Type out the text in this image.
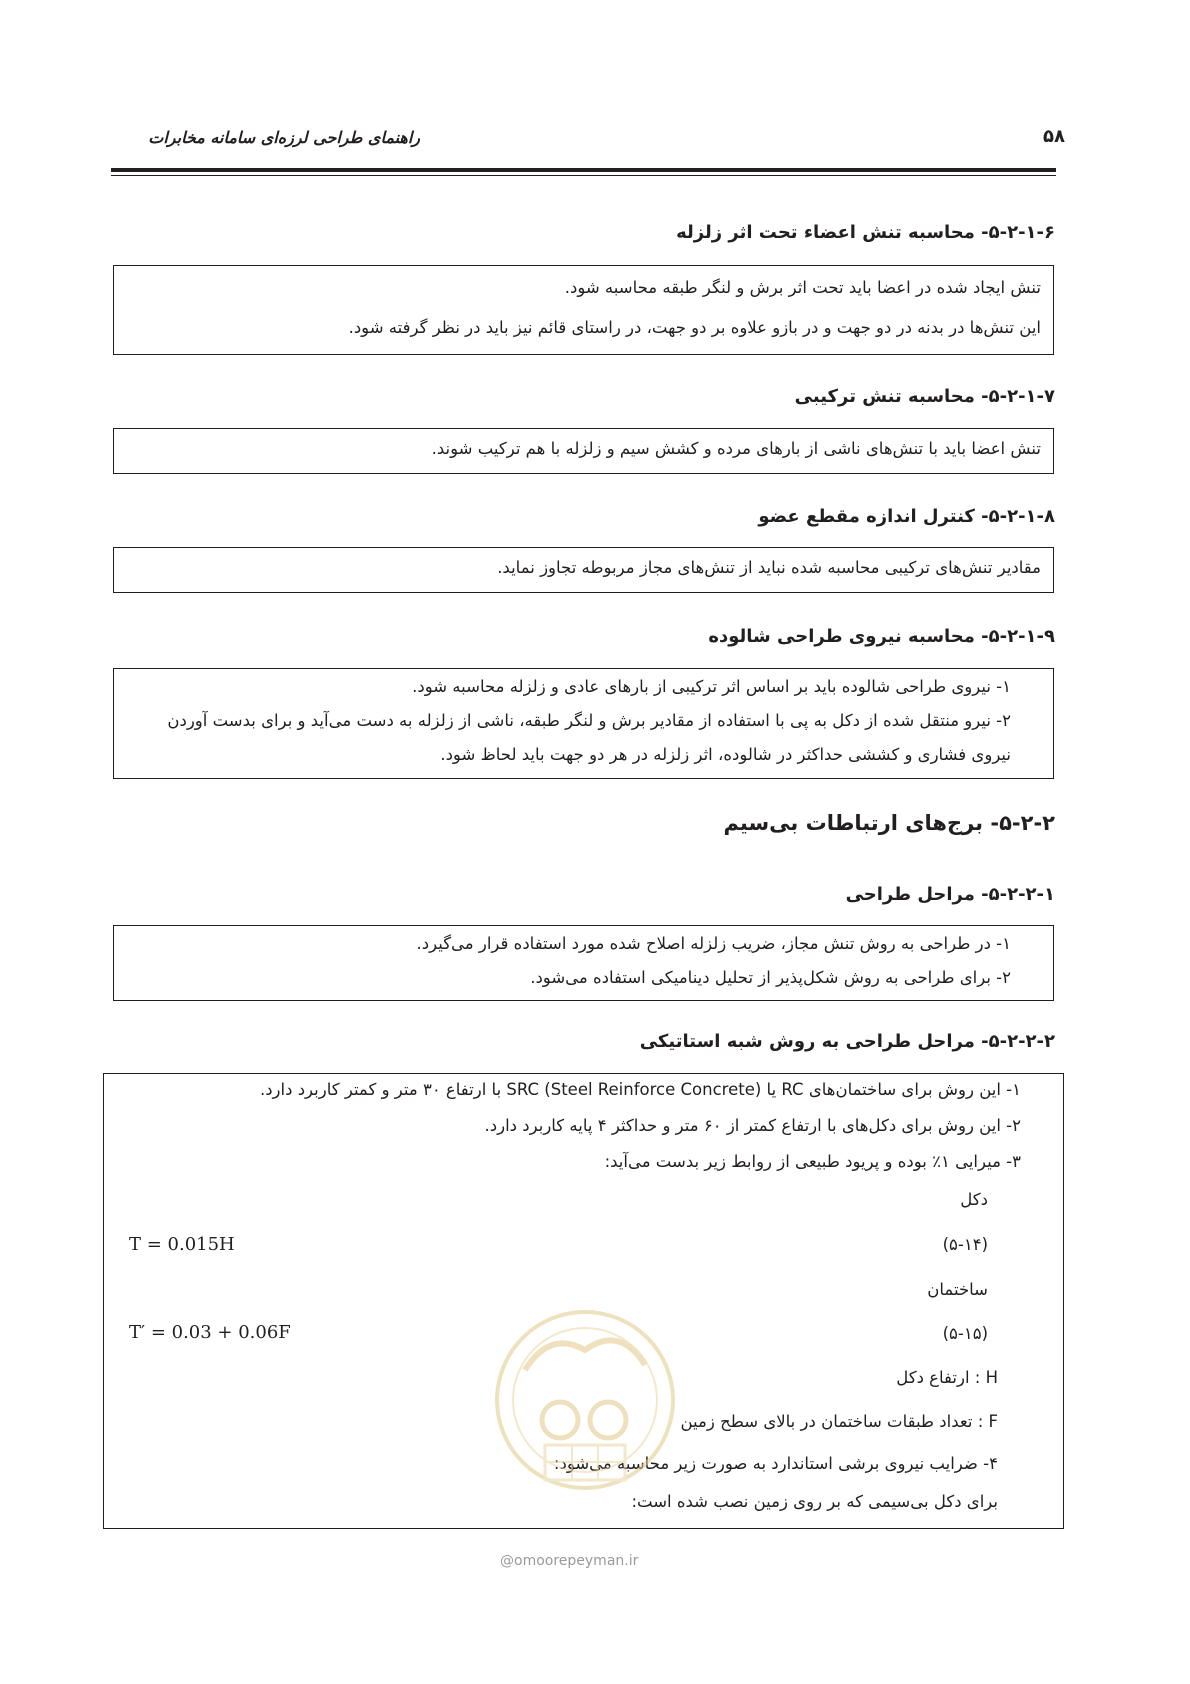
راهنمای طراحی لرزه‌ای سامانه مخابرات	۵۸
۵-۲-۱-۶- محاسبه تنش اعضاء تحت اثر زلزله
تنش ایجاد شده در اعضا باید تحت اثر برش و لنگر طبقه محاسبه شود.
این تنش‌ها در بدنه در دو جهت و در بازو علاوه بر دو جهت، در راستای قائم نیز باید در نظر گرفته شود.
۵-۲-۱-۷- محاسبه تنش ترکیبی
تنش اعضا باید با تنش‌های ناشی از بارهای مرده و کشش سیم و زلزله با هم ترکیب شوند.
۵-۲-۱-۸- کنترل اندازه مقطع عضو
مقادیر تنش‌های ترکیبی محاسبه شده نباید از تنش‌های مجاز مربوطه تجاوز نماید.
۵-۲-۱-۹- محاسبه نیروی طراحی شالوده
۱- نیروی طراحی شالوده باید بر اساس اثر ترکیبی از بارهای عادی و زلزله محاسبه شود.
۲- نیرو منتقل شده از دکل به پی با استفاده از مقادیر برش و لنگر طبقه، ناشی از زلزله به دست می‌آید و برای بدست آوردن
نیروی فشاری و کششی حداکثر در شالوده، اثر زلزله در هر دو جهت باید لحاظ شود.
۵-۲-۲- برج‌های ارتباطات بی‌سیم
۵-۲-۲-۱- مراحل طراحی
۱- در طراحی به روش تنش مجاز، ضریب زلزله اصلاح شده مورد استفاده قرار می‌گیرد.
۲- برای طراحی به روش شکل‌پذیر از تحلیل دینامیکی استفاده می‌شود.
۵-۲-۲-۲- مراحل طراحی به روش شبه استاتیکی
۱- این روش برای ساختمان‌های RC یا SRC (Steel Reinforce Concrete) با ارتفاع ۳۰ متر و کمتر کاربرد دارد.
۲- این روش برای دکل‌های با ارتفاع کمتر از ۶۰ متر و حداکثر ۴ پایه کاربرد دارد.
۳- میرایی ۱٪ بوده و پریود طبیعی از روابط زیر بدست می‌آید:
دکل
(۵-۱۴)
T = 0.015H
ساختمان
(۵-۱۵)
T′ = 0.03 + 0.06F
H : ارتفاع دکل
F : تعداد طبقات ساختمان در بالای سطح زمین
۴- ضرایب نیروی برشی استاندارد به صورت زیر محاسبه می‌شود:
برای دکل بی‌سیمی که بر روی زمین نصب شده است:
@omoorepeyman.ir
